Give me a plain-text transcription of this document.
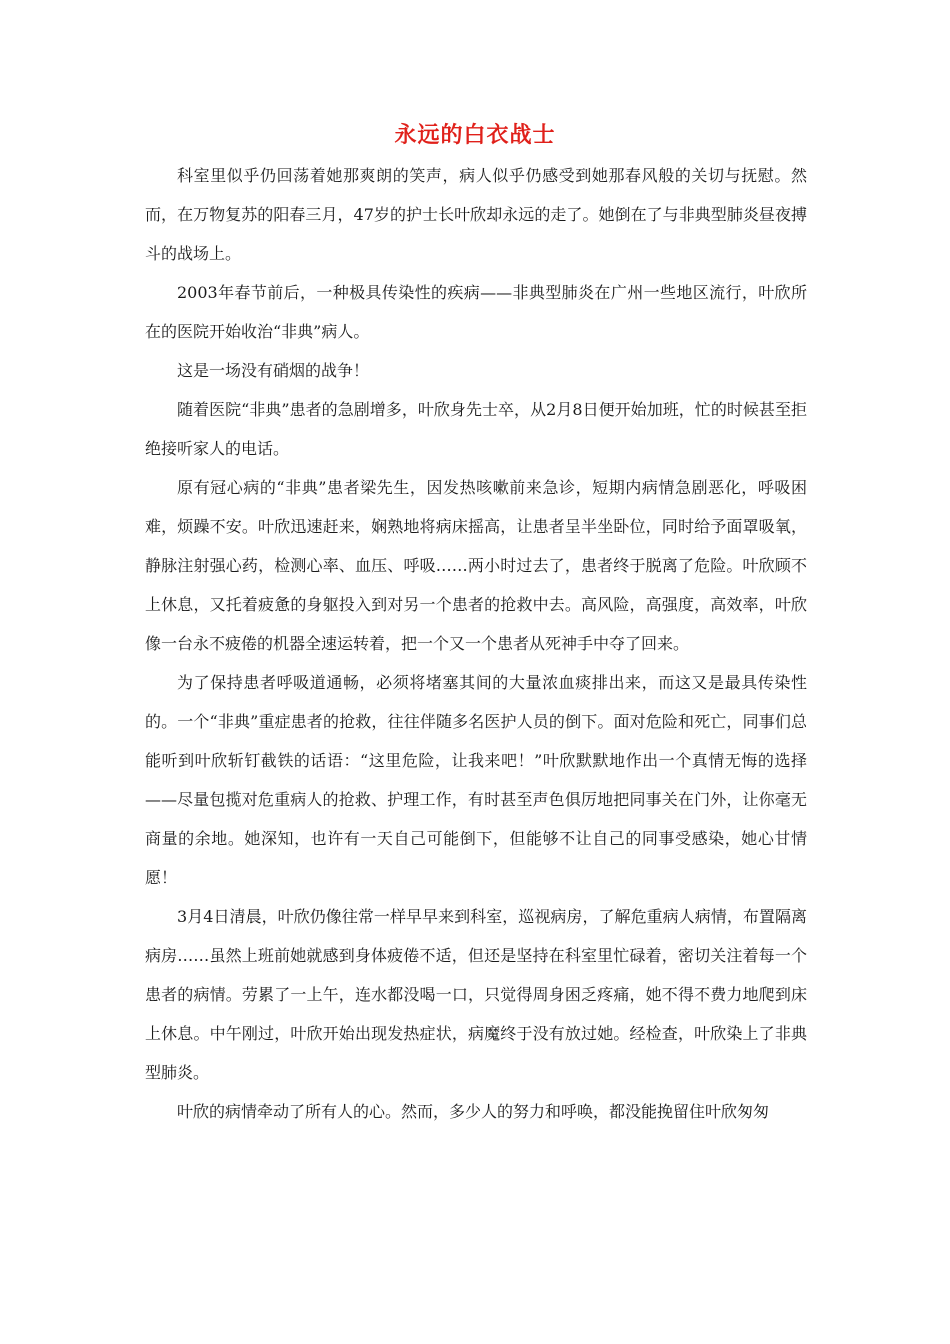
永远的白衣战士

科室里似乎仍回荡着她那爽朗的笑声，病人似乎仍感受到她那春风般的关切与抚慰。然而，在万物复苏的阳春三月，47岁的护士长叶欣却永远的走了。她倒在了与非典型肺炎昼夜搏斗的战场上。

2003年春节前后，一种极具传染性的疾病——非典型肺炎在广州一些地区流行，叶欣所在的医院开始收治“非典”病人。

这是一场没有硝烟的战争！

随着医院“非典”患者的急剧增多，叶欣身先士卒，从2月8日便开始加班，忙的时候甚至拒绝接听家人的电话。

原有冠心病的“非典”患者梁先生，因发热咳嗽前来急诊，短期内病情急剧恶化，呼吸困难，烦躁不安。叶欣迅速赶来，娴熟地将病床摇高，让患者呈半坐卧位，同时给予面罩吸氧，静脉注射强心药，检测心率、血压、呼吸……两小时过去了，患者终于脱离了危险。叶欣顾不上休息，又托着疲惫的身躯投入到对另一个患者的抢救中去。高风险，高强度，高效率，叶欣像一台永不疲倦的机器全速运转着，把一个又一个患者从死神手中夺了回来。

为了保持患者呼吸道通畅，必须将堵塞其间的大量浓血痰排出来，而这又是最具传染性的。一个“非典”重症患者的抢救，往往伴随多名医护人员的倒下。面对危险和死亡，同事们总能听到叶欣斩钉截铁的话语：“这里危险，让我来吧！”叶欣默默地作出一个真情无悔的选择——尽量包揽对危重病人的抢救、护理工作，有时甚至声色俱厉地把同事关在门外，让你毫无商量的余地。她深知，也许有一天自己可能倒下，但能够不让自己的同事受感染，她心甘情愿！

3月4日清晨，叶欣仍像往常一样早早来到科室，巡视病房，了解危重病人病情，布置隔离病房……虽然上班前她就感到身体疲倦不适，但还是坚持在科室里忙碌着，密切关注着每一个患者的病情。劳累了一上午，连水都没喝一口，只觉得周身困乏疼痛，她不得不费力地爬到床上休息。中午刚过，叶欣开始出现发热症状，病魔终于没有放过她。经检查，叶欣染上了非典型肺炎。

叶欣的病情牵动了所有人的心。然而，多少人的努力和呼唤，都没能挽留住叶欣匆匆
